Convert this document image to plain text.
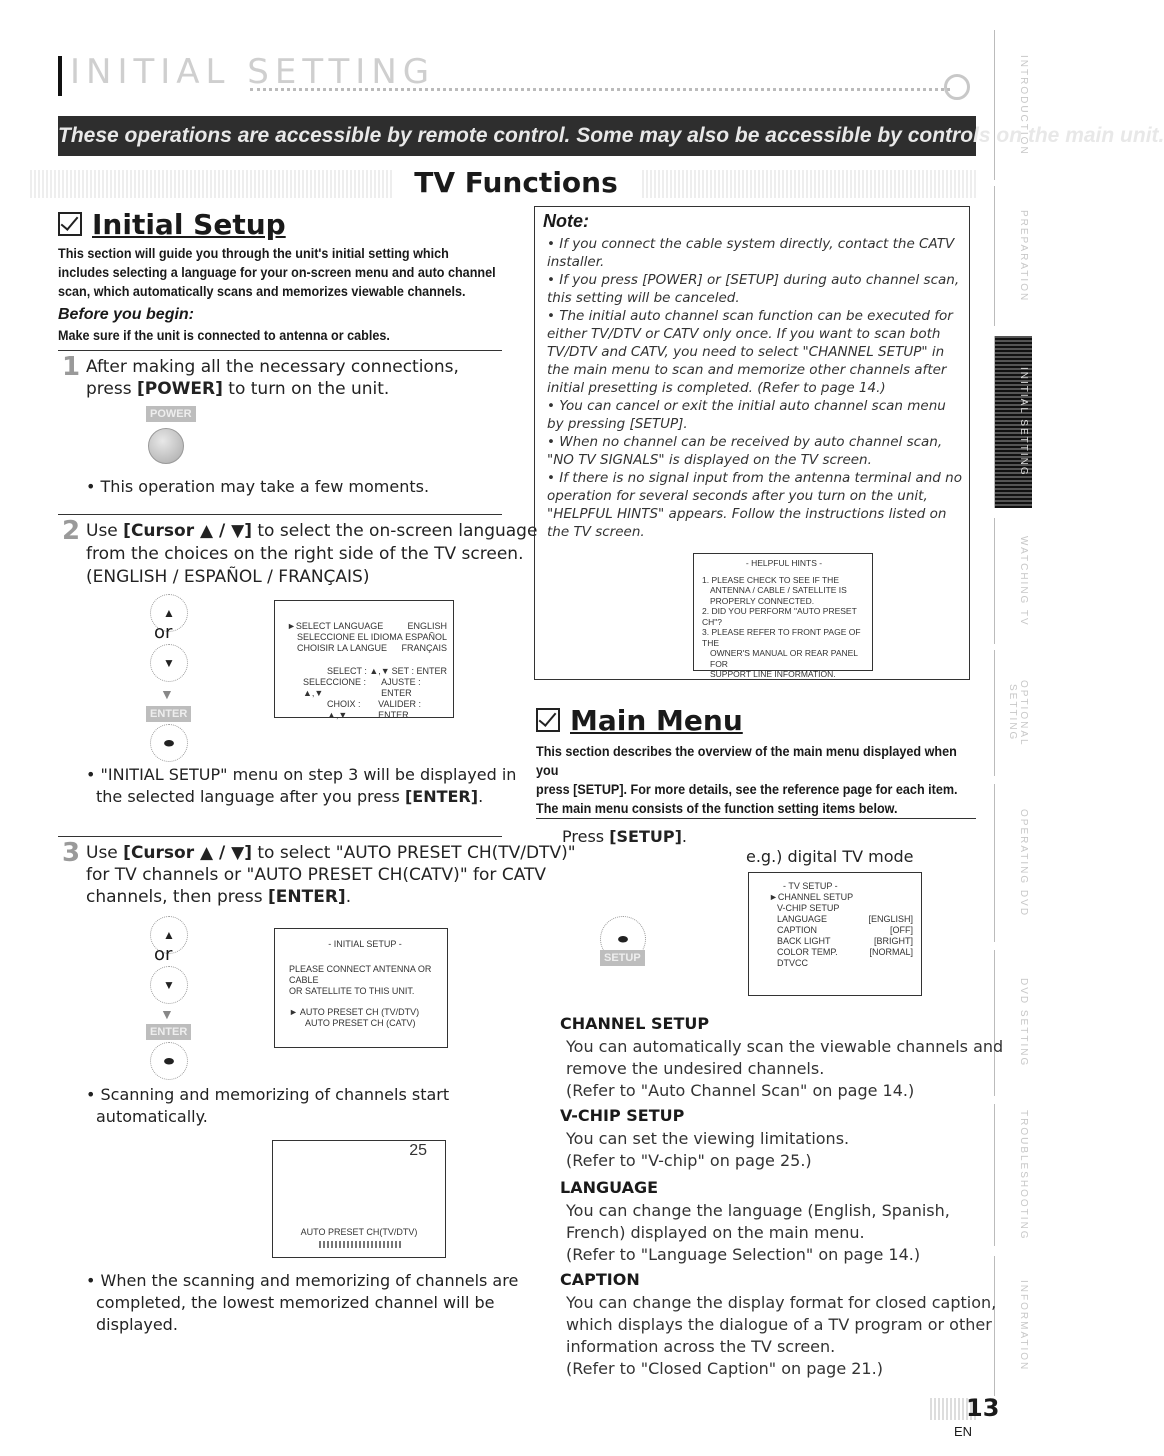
INITIAL SETTING
These operations are accessible by remote control. Some may also be accessible by controls on the main unit.
TV Functions
INTRODUCTION
PREPARATION
INITIAL SETTING
WATCHING TV
OPTIONAL SETTING
OPERATING DVD
DVD SETTING
TROUBLESHOOTING
INFORMATION
Initial Setup
This section will guide you through the unit's initial setting which includes selecting a language for your on-screen menu and auto channel scan, which automatically scans and memorizes viewable channels.
Before you begin:
Make sure if the unit is connected to antenna or cables.
1 After making all the necessary connections,
press [POWER] to turn on the unit.
POWER
• This operation may take a few moments.
2 Use [Cursor ▲ / ▼] to select the on-screen language
from the choices on the right side of the TV screen.
(ENGLISH / ESPAÑOL / FRANÇAIS)
▲
or
▼
▼
ENTER
⬬
►SELECT LANGUAGE	ENGLISH
SELECCIONE EL IDIOMA ESPAÑOL
CHOISIR LA LANGUE FRANÇAIS
SELECT : ▲,▼ SET : ENTER
SELECCIONE : ▲,▼
AJUSTE : ENTER
CHOIX : ▲,▼
VALIDER : ENTER
• "INITIAL SETUP" menu on step 3 will be displayed in
the selected language after you press [ENTER].
3 Use [Cursor ▲ / ▼] to select "AUTO PRESET CH(TV/DTV)"
for TV channels or "AUTO PRESET CH(CATV)" for CATV
channels, then press [ENTER].
▲
or
▼
▼
ENTER
⬬
- INITIAL SETUP -
PLEASE CONNECT ANTENNA OR CABLE
OR SATELLITE TO THIS UNIT.
► AUTO PRESET CH (TV/DTV)
AUTO PRESET CH (CATV)
• Scanning and memorizing of channels start
automatically.
25
AUTO PRESET CH(TV/DTV)
• When the scanning and memorizing of channels are
completed, the lowest memorized channel will be
displayed.
Note:
• If you connect the cable system directly, contact the CATV installer.
• If you press [POWER] or [SETUP] during auto channel scan, this setting will be canceled.
• The initial auto channel scan function can be executed for either TV/DTV or CATV only once. If you want to scan both TV/DTV and CATV, you need to select "CHANNEL SETUP" in the main menu to scan and memorize other channels after initial presetting is completed. (Refer to page 14.)
• You can cancel or exit the initial auto channel scan menu by pressing [SETUP].
• When no channel can be received by auto channel scan, "NO TV SIGNALS" is displayed on the TV screen.
• If there is no signal input from the antenna terminal and no operation for several seconds after you turn on the unit, "HELPFUL HINTS" appears. Follow the instructions listed on the TV screen.
- HELPFUL HINTS -
1. PLEASE CHECK TO SEE IF THE
ANTENNA / CABLE / SATELLITE IS
PROPERLY CONNECTED.
2. DID YOU PERFORM "AUTO PRESET CH"?
3. PLEASE REFER TO FRONT PAGE OF THE
OWNER'S MANUAL OR REAR PANEL FOR
SUPPORT LINE INFORMATION.
Main Menu
This section describes the overview of the main menu displayed when you
press [SETUP]. For more details, see the reference page for each item.
The main menu consists of the function setting items below.
Press [SETUP].
e.g.) digital TV mode
⬬
SETUP
- TV SETUP -
►CHANNEL SETUP
V-CHIP SETUP
LANGUAGE	[ENGLISH]
CAPTION	[OFF]
BACK LIGHT	[BRIGHT]
COLOR TEMP.	[NORMAL]
DTVCC
CHANNEL SETUP
You can automatically scan the viewable channels and
remove the undesired channels.
(Refer to "Auto Channel Scan" on page 14.)
V-CHIP SETUP
You can set the viewing limitations.
(Refer to "V-chip" on page 25.)
LANGUAGE
You can change the language (English, Spanish,
French) displayed on the main menu.
(Refer to "Language Selection" on page 14.)
CAPTION
You can change the display format for closed caption,
which displays the dialogue of a TV program or other
information across the TV screen.
(Refer to "Closed Caption" on page 21.)
13
EN
